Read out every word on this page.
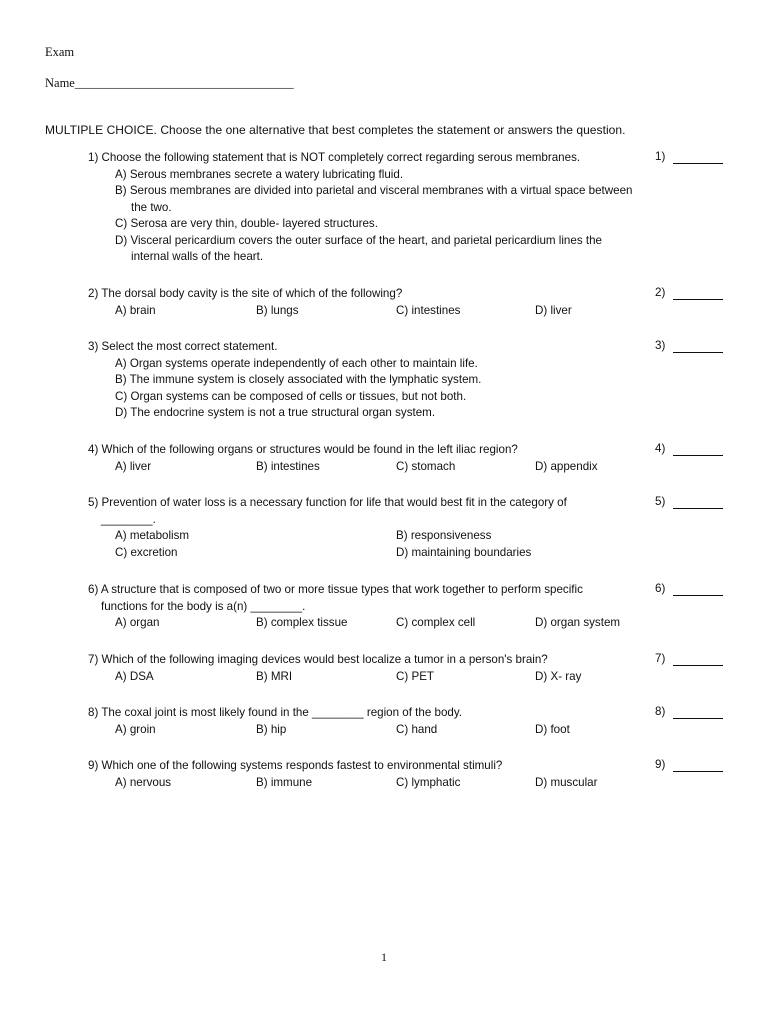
Exam
Name___________________________________
MULTIPLE CHOICE. Choose the one alternative that best completes the statement or answers the question.
1) Choose the following statement that is NOT completely correct regarding serous membranes.	1)
A) Serous membranes secrete a watery lubricating fluid.
B) Serous membranes are divided into parietal and visceral membranes with a virtual space between the two.
C) Serosa are very thin, double- layered structures.
D) Visceral pericardium covers the outer surface of the heart, and parietal pericardium lines the internal walls of the heart.
2) The dorsal body cavity is the site of which of the following?	2)
A) brain	B) lungs	C) intestines	D) liver
3) Select the most correct statement.	3)
A) Organ systems operate independently of each other to maintain life.
B) The immune system is closely associated with the lymphatic system.
C) Organ systems can be composed of cells or tissues, but not both.
D) The endocrine system is not a true structural organ system.
4) Which of the following organs or structures would be found in the left iliac region?	4)
A) liver	B) intestines	C) stomach	D) appendix
5) Prevention of water loss is a necessary function for life that would best fit in the category of	5)
________.
A) metabolism	B) responsiveness
C) excretion	D) maintaining boundaries
6) A structure that is composed of two or more tissue types that work together to perform specific	6)
functions for the body is a(n) ________.
A) organ	B) complex tissue	C) complex cell	D) organ system
7) Which of the following imaging devices would best localize a tumor in a person's brain?	7)
A) DSA	B) MRI	C) PET	D) X- ray
8) The coxal joint is most likely found in the ________ region of the body.	8)
A) groin	B) hip	C) hand	D) foot
9) Which one of the following systems responds fastest to environmental stimuli?	9)
A) nervous	B) immune	C) lymphatic	D) muscular
1
